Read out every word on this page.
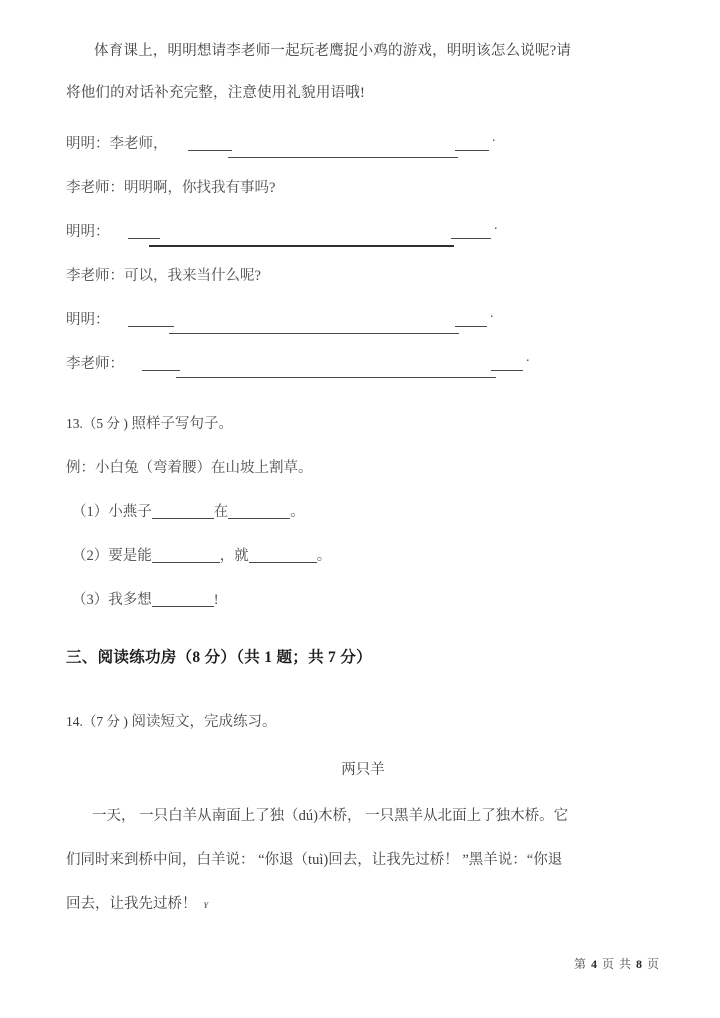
体育课上，明明想请李老师一起玩老鹰捉小鸡的游戏，明明该怎么说呢?请
将他们的对话补充完整，注意使用礼貌用语哦!
明明：李老师，	.
李老师：明明啊，你找我有事吗?
明明：	.
李老师：可以，我来当什么呢?
明明：	.
李老师：	.
13.（5 分 ) 照样子写句子。
例：小白兔（弯着腰）在山坡上割草。
（1）小燕子	在	。
（2）要是能	，就	。
（3）我多想	!
三、阅读练功房（8 分）（共 1 题；共 7 分）
14.（7 分 ) 阅读短文，完成练习。
两只羊
一天， 一只白羊从南面上了独（dú)木桥， 一只黑羊从北面上了独木桥。它
们同时来到桥中间，白羊说： “你退（tuì)回去，让我先过桥！ ”黑羊说：“你退
回去，让我先过桥！ ʏ
第 4 页 共 8 页
